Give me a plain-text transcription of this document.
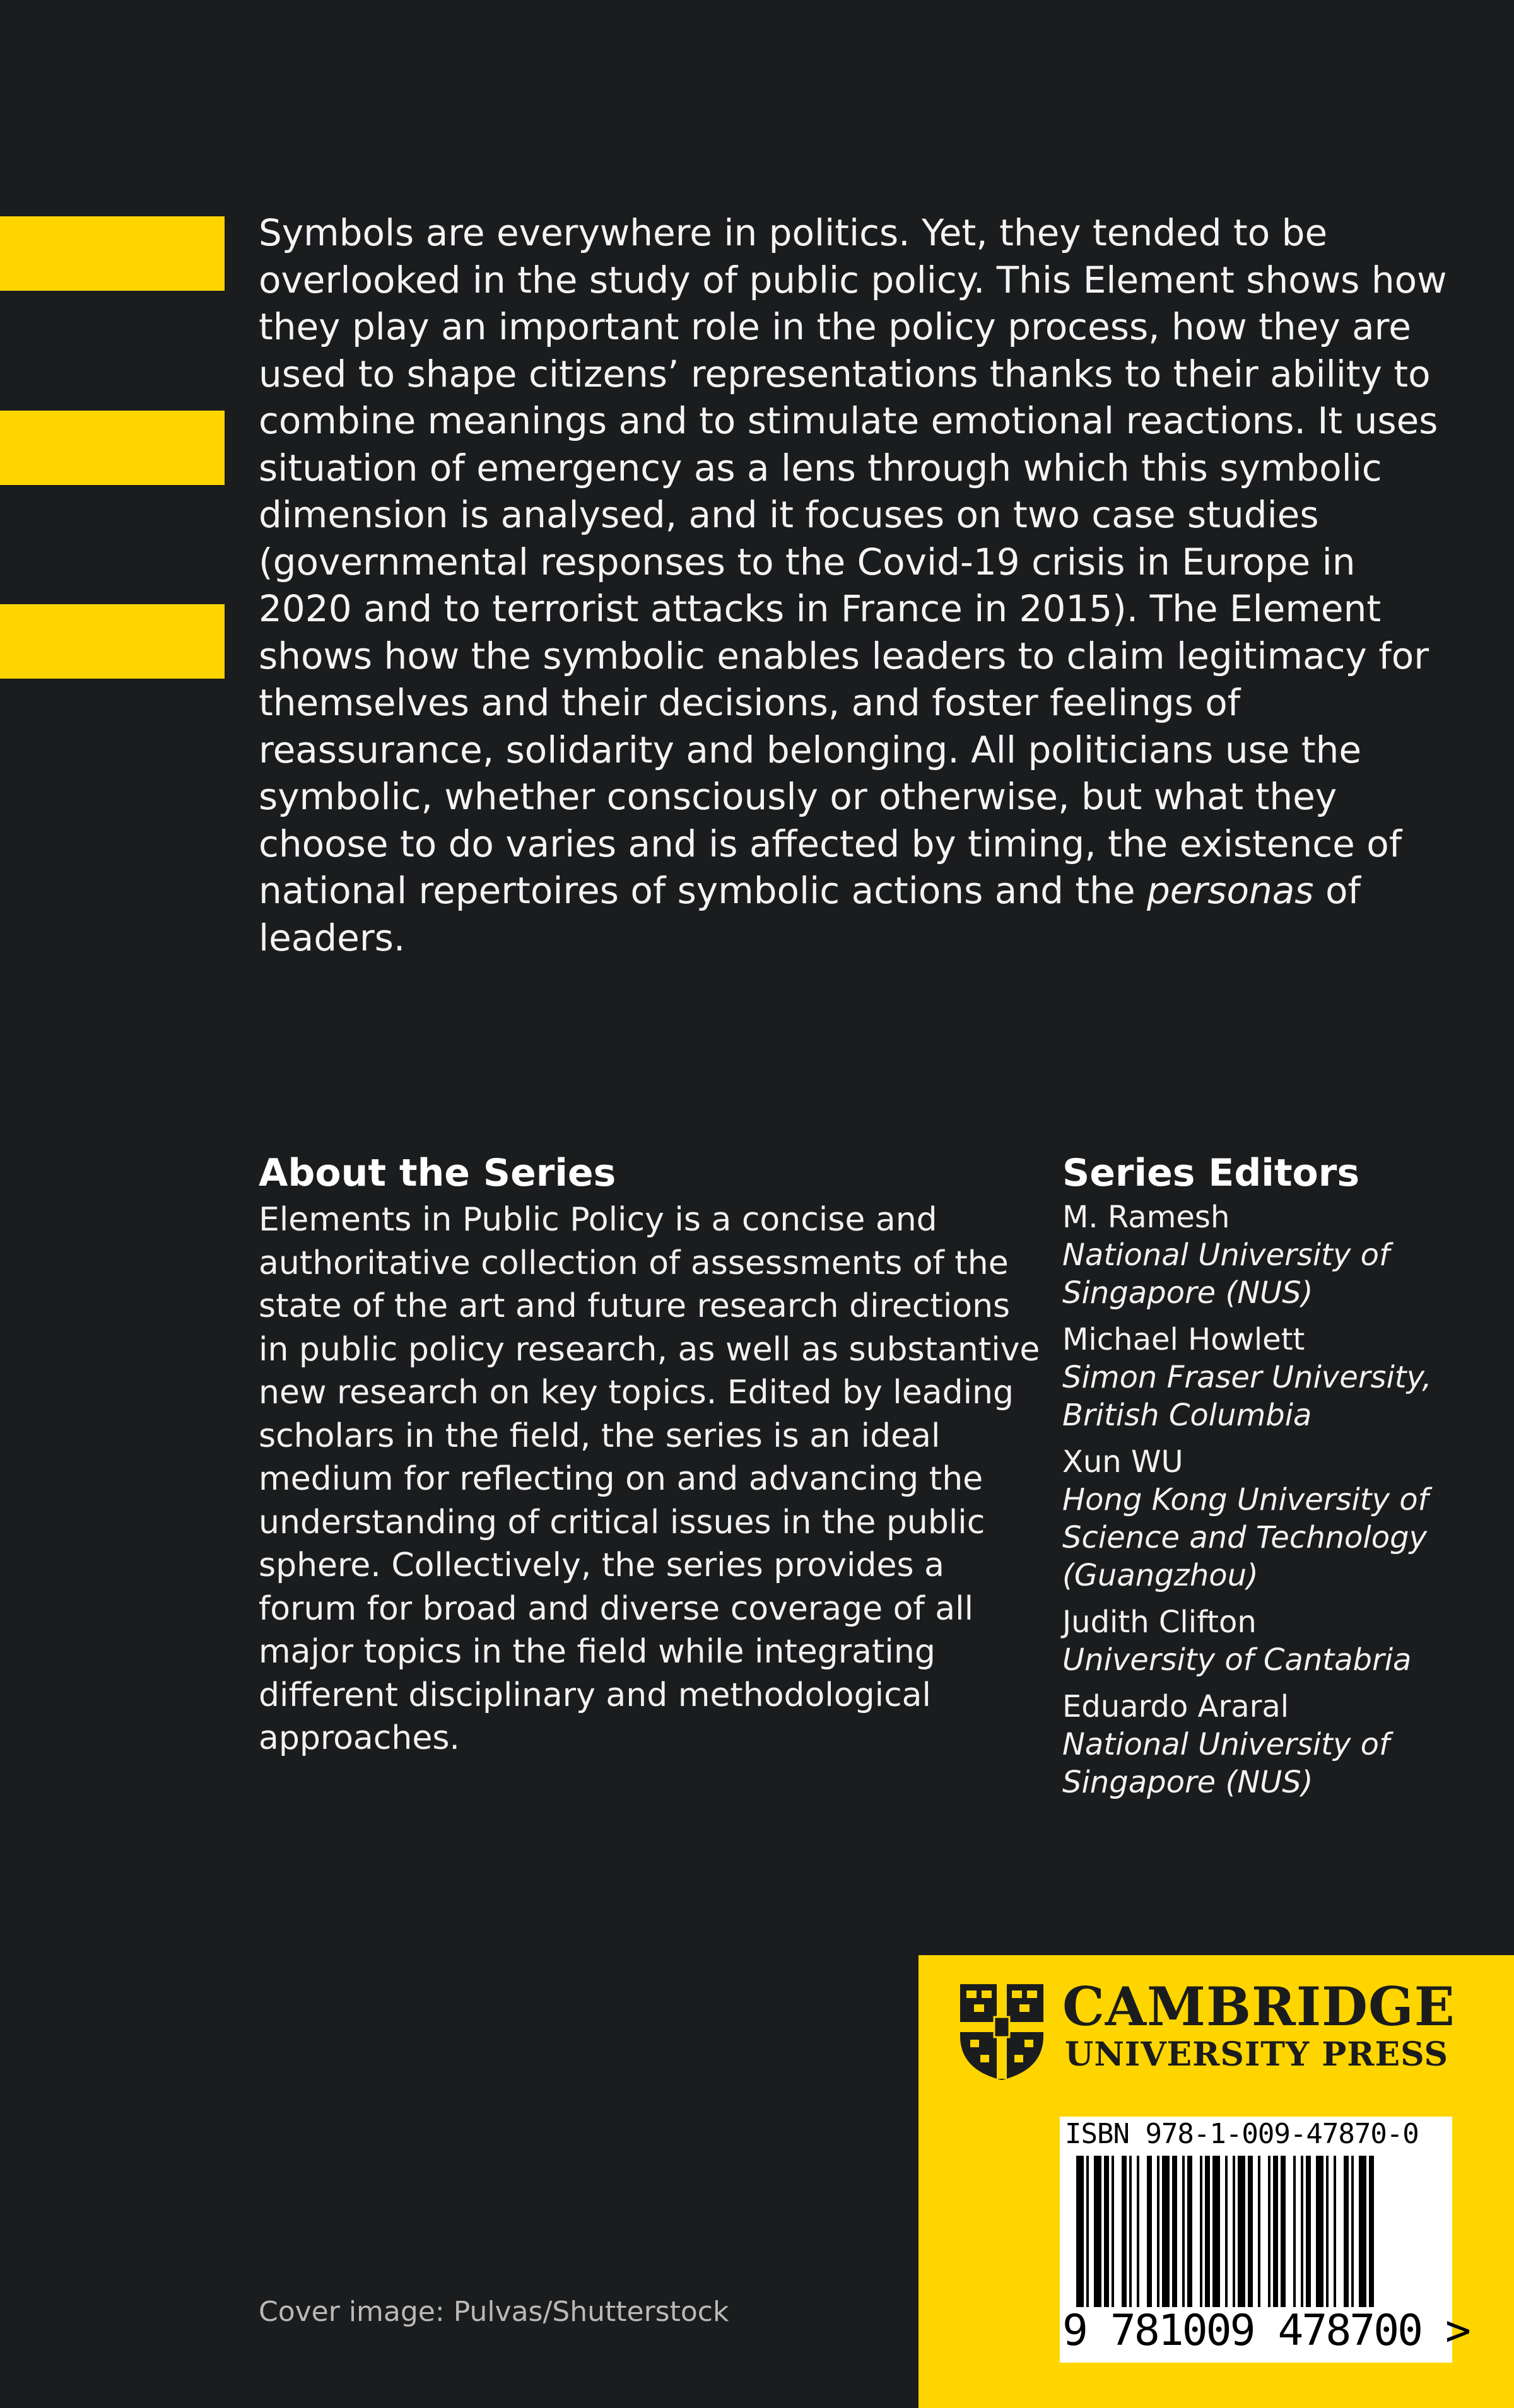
Symbols are everywhere in politics. Yet, they tended to be overlooked in the study of public policy. This Element shows how they play an important role in the policy process, how they are used to shape citizens’ representations thanks to their ability to combine meanings and to stimulate emotional reactions. It uses situation of emergency as a lens through which this symbolic dimension is analysed, and it focuses on two case studies (governmental responses to the Covid-19 crisis in Europe in 2020 and to terrorist attacks in France in 2015). The Element shows how the symbolic enables leaders to claim legitimacy for themselves and their decisions, and foster feelings of reassurance, solidarity and belonging. All politicians use the symbolic, whether consciously or otherwise, but what they choose to do varies and is affected by timing, the existence of national repertoires of symbolic actions and the personas of leaders.

About the Series

Elements in Public Policy is a concise and authoritative collection of assessments of the state of the art and future research directions in public policy research, as well as substantive new research on key topics. Edited by leading scholars in the field, the series is an ideal medium for reflecting on and advancing the understanding of critical issues in the public sphere. Collectively, the series provides a forum for broad and diverse coverage of all major topics in the field while integrating different disciplinary and methodological approaches.

Series Editors
M. Ramesh
National University of Singapore (NUS)
Michael Howlett
Simon Fraser University, British Columbia
Xun WU
Hong Kong University of Science and Technology (Guangzhou)
Judith Clifton
University of Cantabria
Eduardo Araral
National University of Singapore (NUS)
Cover image: Pulvas/Shutterstock
CAMBRIDGE
UNIVERSITY PRESS
ISBN 978-1-009-47870-0
9 781009 478700 >
